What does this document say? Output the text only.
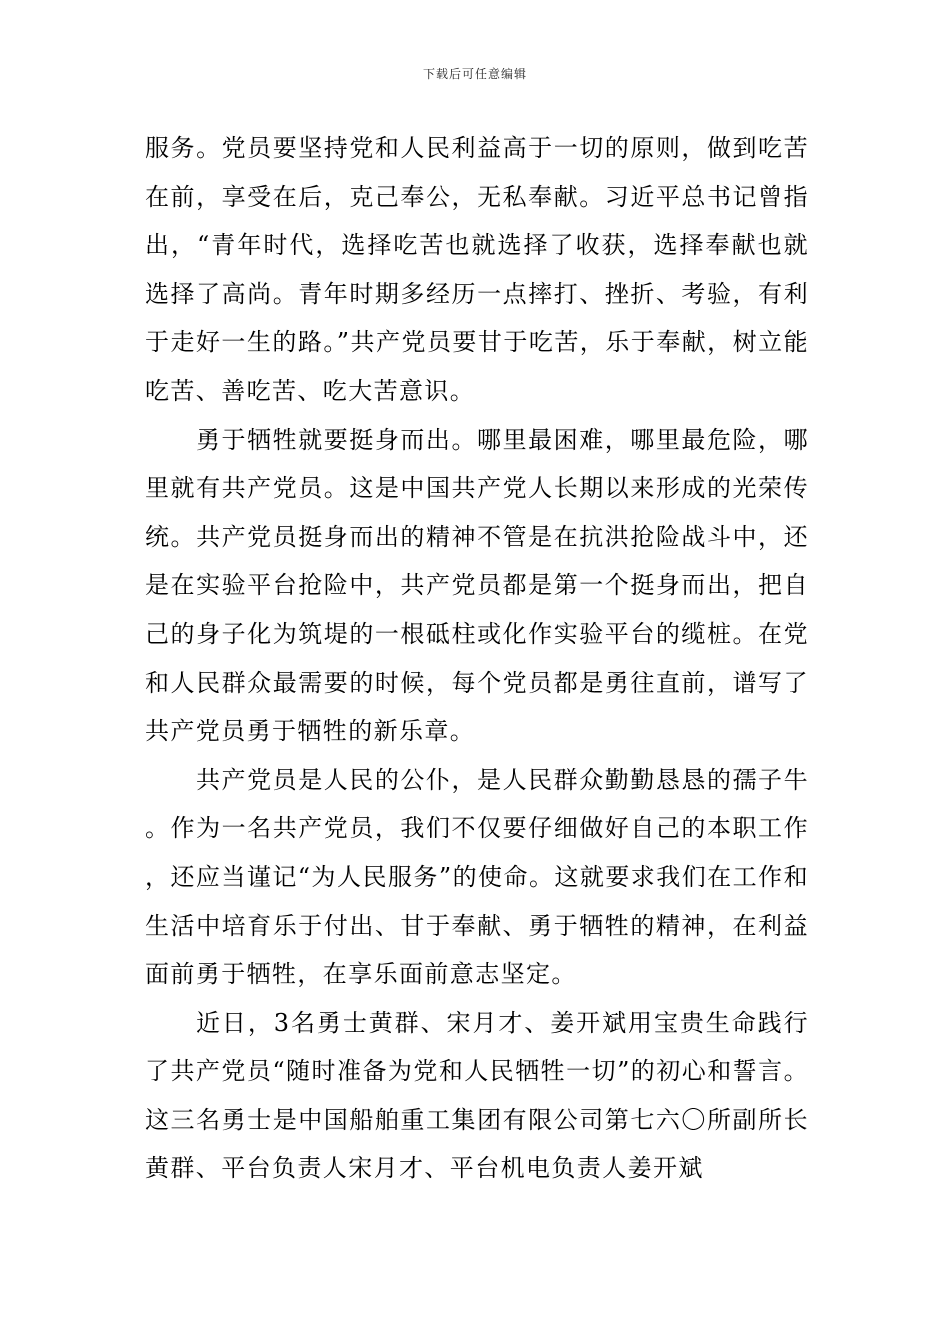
下载后可任意编辑

服务。党员要坚持党和人民利益高于一切的原则，做到吃苦在前，享受在后，克己奉公，无私奉献。习近平总书记曾指出，“青年时代，选择吃苦也就选择了收获，选择奉献也就选择了高尚。青年时期多经历一点摔打、挫折、考验，有利于走好一生的路。”共产党员要甘于吃苦，乐于奉献，树立能吃苦、善吃苦、吃大苦意识。

勇于牺牲就要挺身而出。哪里最困难，哪里最危险，哪里就有共产党员。这是中国共产党人长期以来形成的光荣传统。共产党员挺身而出的精神不管是在抗洪抢险战斗中，还是在实验平台抢险中，共产党员都是第一个挺身而出，把自己的身子化为筑堤的一根砥柱或化作实验平台的缆桩。在党和人民群众最需要的时候，每个党员都是勇往直前，谱写了共产党员勇于牺牲的新乐章。

共产党员是人民的公仆，是人民群众勤勤恳恳的孺子牛。作为一名共产党员，我们不仅要仔细做好自己的本职工作，还应当谨记“为人民服务”的使命。这就要求我们在工作和生活中培育乐于付出、甘于奉献、勇于牺牲的精神，在利益面前勇于牺牲，在享乐面前意志坚定。

近日，3名勇士黄群、宋月才、姜开斌用宝贵生命践行了共产党员“随时准备为党和人民牺牲一切”的初心和誓言。这三名勇士是中国船舶重工集团有限公司第七六〇所副所长黄群、平台负责人宋月才、平台机电负责人姜开斌
